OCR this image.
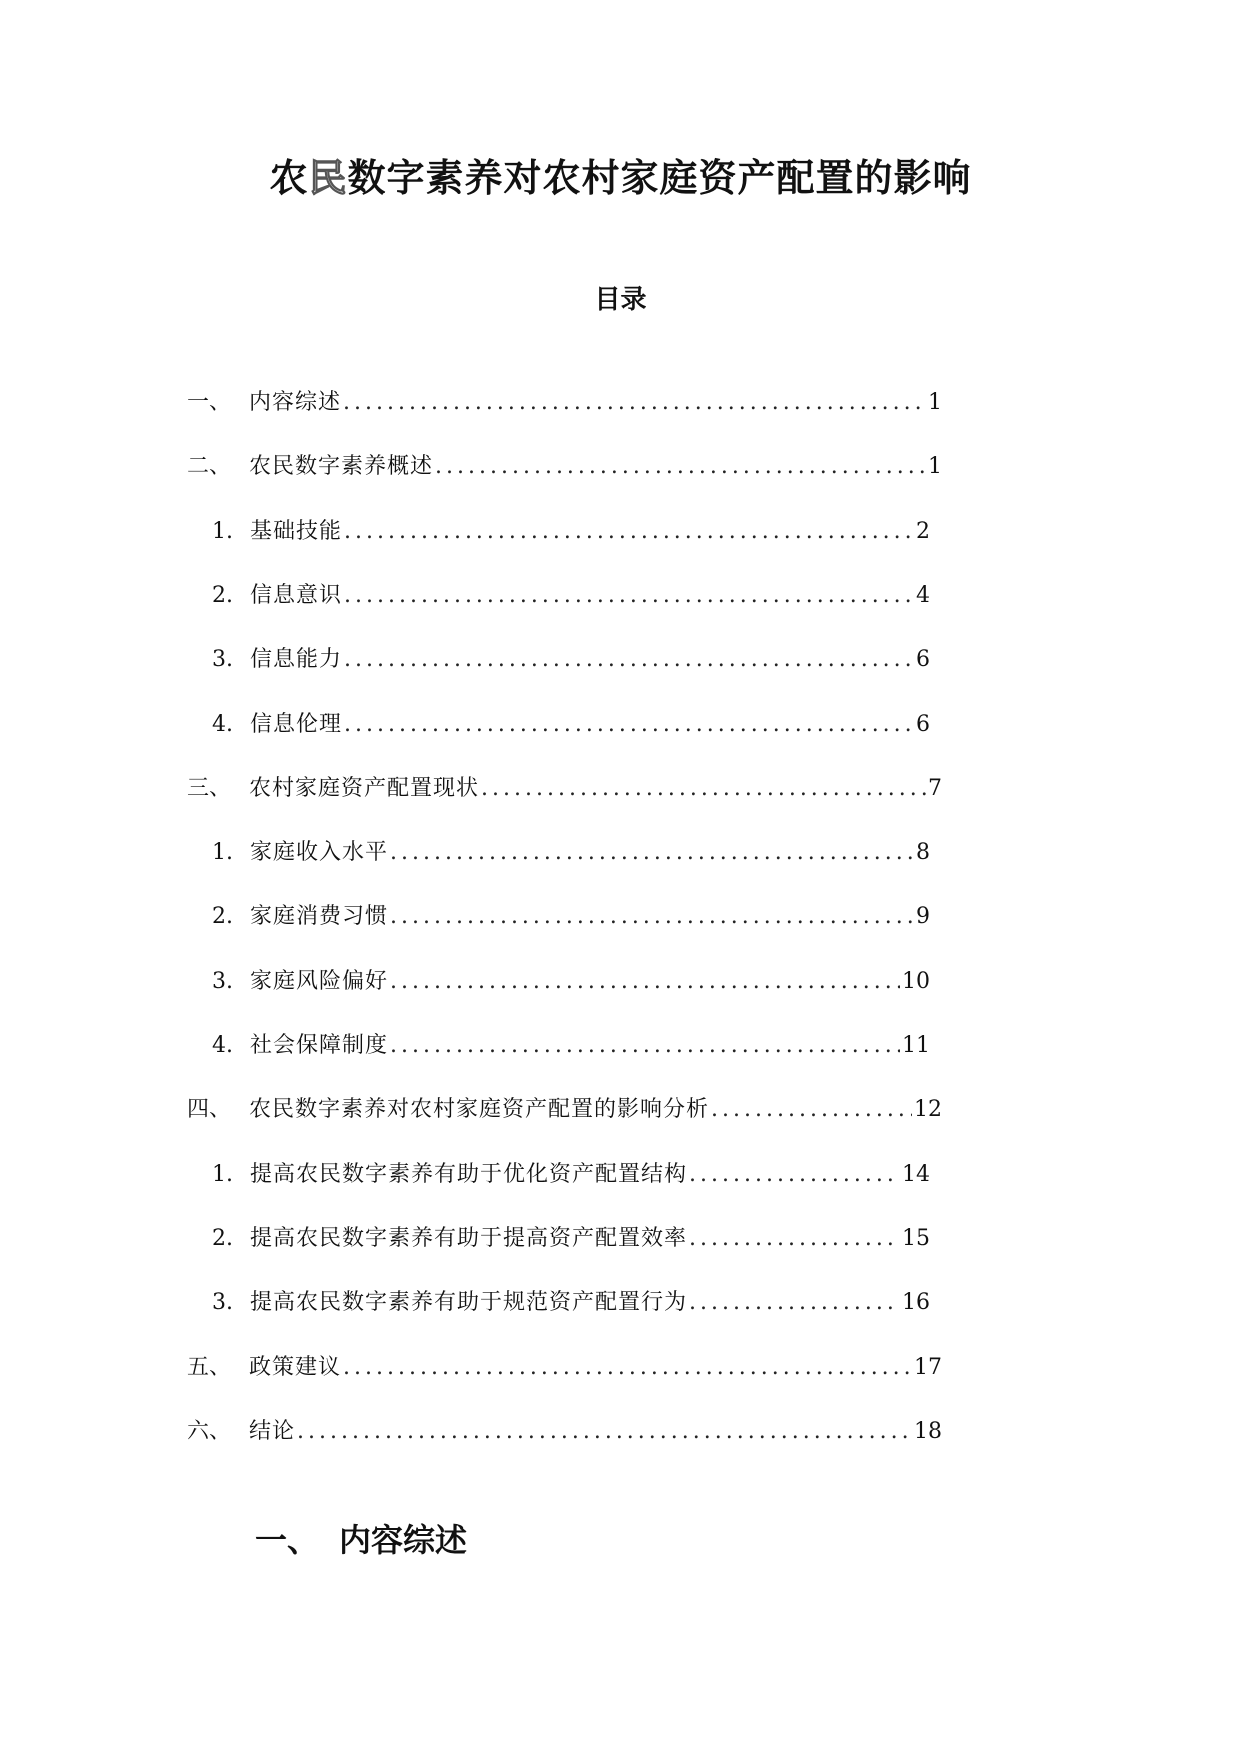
农民数字素养对农村家庭资产配置的影响
目录
一、 内容综述 .....	1
二、 农民数字素养概述 .....	1
1. 基础技能 .....	2
2. 信息意识 .....	4
3. 信息能力 .....	6
4. 信息伦理 .....	6
三、 农村家庭资产配置现状 .....	7
1. 家庭收入水平 .....	8
2. 家庭消费习惯 .....	9
3. 家庭风险偏好 .....	10
4. 社会保障制度 .....	11
四、 农民数字素养对农村家庭资产配置的影响分析 .....	12
1. 提高农民数字素养有助于优化资产配置结构 .....	14
2. 提高农民数字素养有助于提高资产配置效率 .....	15
3. 提高农民数字素养有助于规范资产配置行为 .....	16
五、 政策建议 .....	17
六、 结论 .....	18
一、 内容综述
